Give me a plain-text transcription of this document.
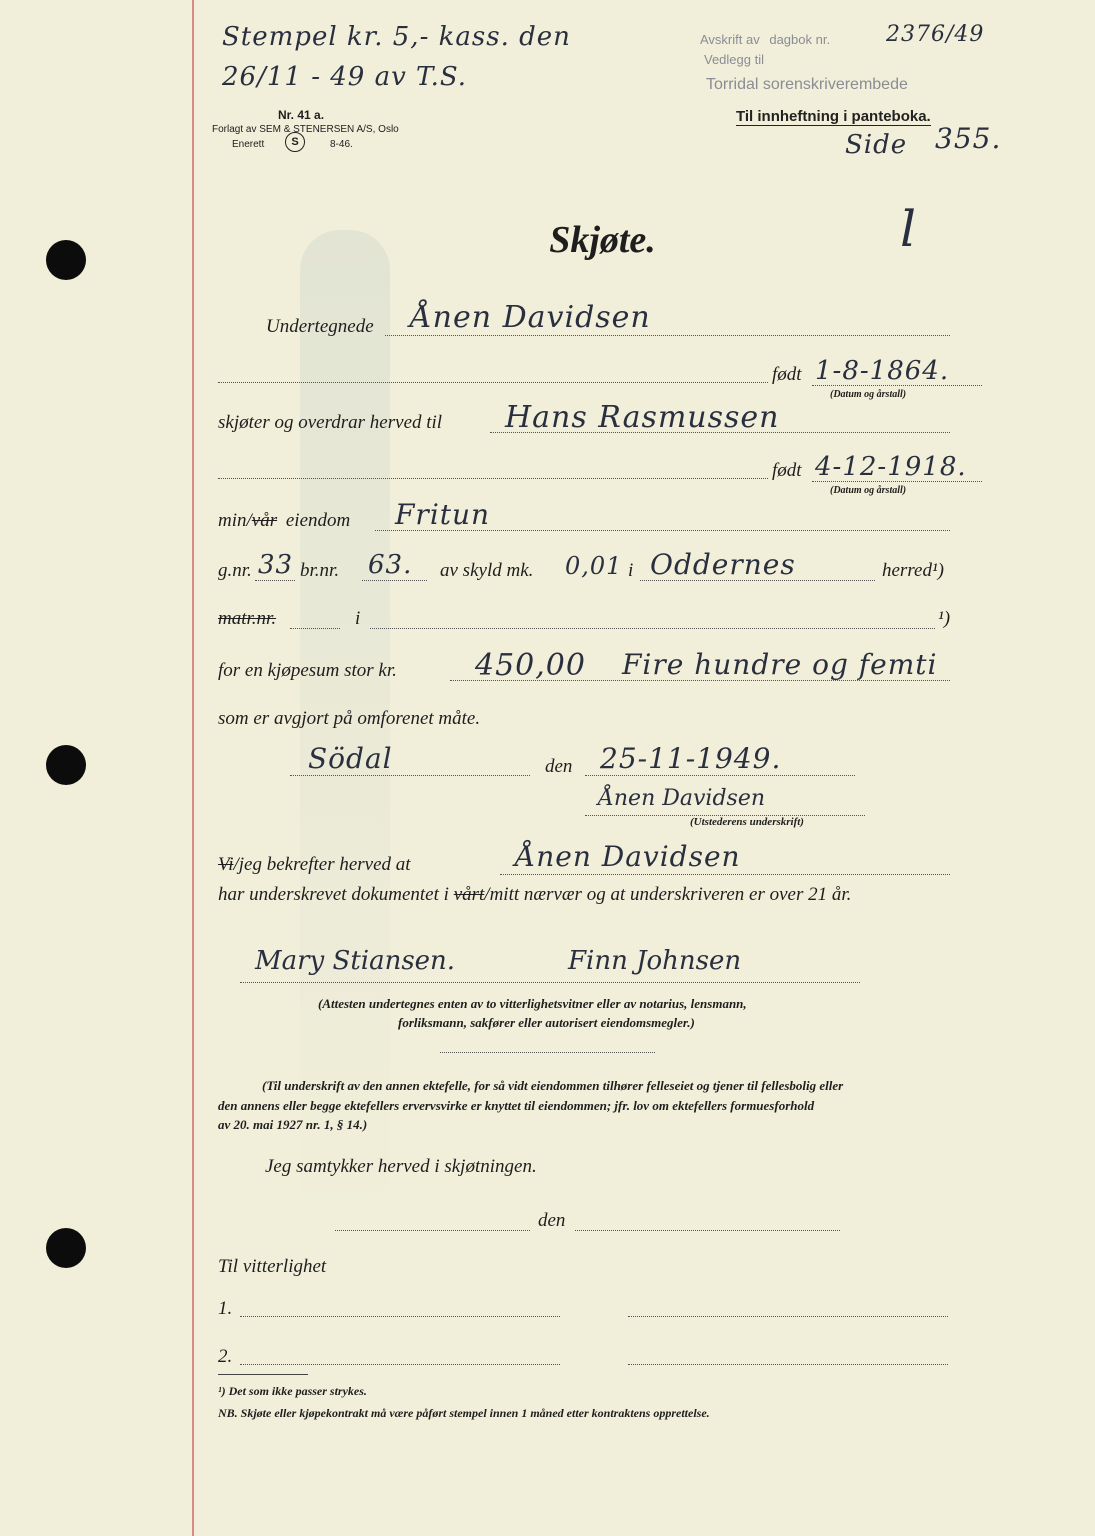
Stempel kr. 5,- kass. den
26/11 - 49 av T.S.
Nr. 41 a.
Forlagt av SEM & STENERSEN A/S, Oslo
Enerett	S	8-46.
Avskrift av dagbok nr.	2376/49
Vedlegg til
Torridal sorenskriverembede
Til innheftning i panteboka.
Side 355.
l
Skjøte.
Undertegnede Ånen Davidsen
født 1-8-1864.
(Datum og årstall)
skjøter og overdrar herved til Hans Rasmussen
født 4-12-1918.
(Datum og årstall)
min/vår eiendom Fritun
g.nr. 33 br.nr. 63. av skyld mk. 0,01 i Oddernes	herred¹)
matr.nr.	i	¹)
for en kjøpesum stor kr.	450,00 Fire hundre og femti
som er avgjort på omforenet måte.
Södal	den 25-11-1949.
Ånen Davidsen
(Utstederens underskrift)
Vi/jeg bekrefter herved at	Ånen Davidsen
har underskrevet dokumentet i vårt/mitt nærvær og at underskriveren er over 21 år.
Mary Stiansen.	Finn Johnsen
(Attesten undertegnes enten av to vitterlighetsvitner eller av notarius, lensmann,
forliksmann, sakfører eller autorisert eiendomsmegler.)
(Til underskrift av den annen ektefelle, for så vidt eiendommen tilhører felleseiet og tjener til fellesbolig eller
den annens eller begge ektefellers ervervsvirke er knyttet til eiendommen; jfr. lov om ektefellers formuesforhold
av 20. mai 1927 nr. 1, § 14.)
Jeg samtykker herved i skjøtningen.
den
Til vitterlighet
1.
2.
¹) Det som ikke passer strykes.
NB. Skjøte eller kjøpekontrakt må være påført stempel innen 1 måned etter kontraktens opprettelse.
